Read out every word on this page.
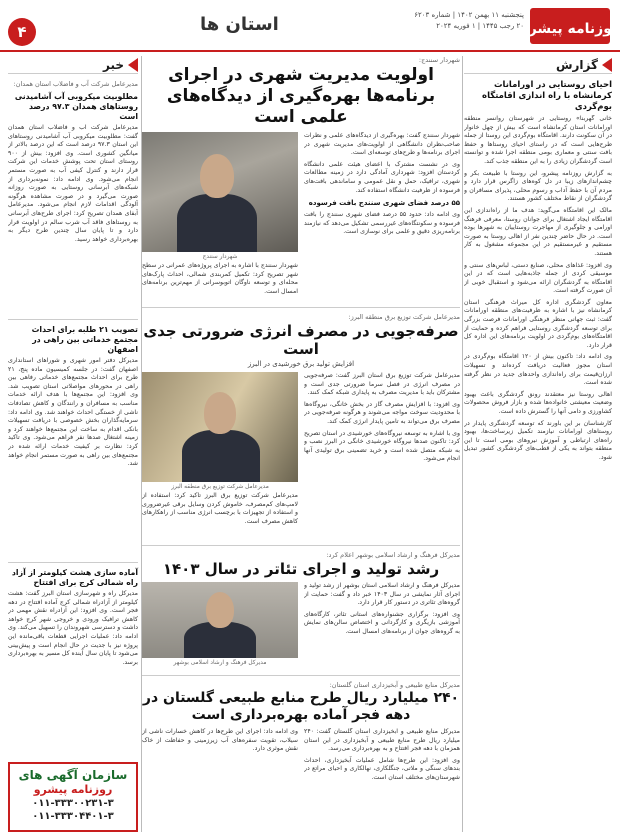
۴	استان ها	پنجشنبه ۱۱ بهمن ۱۴۰۲ | شماره ۶۲۰۳
۲۰ رجب ۱۴۴۵ | ۱ فوریه ۲۰۲۴	وزنامه پیشر
گزارش
احیای روستایی در اورامانات کرمانشاه با راه اندازی اقامتگاه بوم‌گردی

خانی گهربنا» روستایی در شهرستان روانسر منطقه اورامانات استان کرمانشاه است که بیش از چهل خانوار در آن سکونت دارند. اقامتگاه بوم‌گردی این روستا از جمله طرح‌هایی است که در راستای احیای روستاها و حفظ بافت سنتی و معماری بومی منطقه اجرا شده و توانسته است گردشگران زیادی را به این منطقه جذب کند.

به گزارش روزنامه پیشرو، این روستا با طبیعت بکر و چشم‌اندازهای زیبا در دل کوه‌های زاگرس قرار دارد و مردم آن با حفظ آداب و رسوم محلی، پذیرای مسافران و گردشگران از نقاط مختلف کشور هستند.

مالک این اقامتگاه می‌گوید: هدف ما از راه‌اندازی این اقامتگاه ایجاد اشتغال برای جوانان روستا، معرفی فرهنگ اورامی و جلوگیری از مهاجرت روستاییان به شهرها بوده است. در حال حاضر چندین نفر از اهالی روستا به صورت مستقیم و غیرمستقیم در این مجموعه مشغول به کار هستند.

وی افزود: غذاهای محلی، صنایع دستی، لباس‌های سنتی و موسیقی کردی از جمله جاذبه‌هایی است که در این اقامتگاه به گردشگران ارائه می‌شود و استقبال خوبی از آن صورت گرفته است.

معاون گردشگری اداره کل میراث فرهنگی استان کرمانشاه نیز با اشاره به ظرفیت‌های منطقه اورامانات گفت: ثبت جهانی منظر فرهنگی اورامانات فرصت بزرگی برای توسعه گردشگری روستایی فراهم کرده و حمایت از اقامتگاه‌های بوم‌گردی در اولویت برنامه‌های این اداره کل قرار دارد.

وی ادامه داد: تاکنون بیش از ۱۲۰ اقامتگاه بوم‌گردی در استان مجوز فعالیت دریافت کرده‌اند و تسهیلات ارزان‌قیمت برای راه‌اندازی واحدهای جدید در نظر گرفته شده است.

اهالی روستا نیز معتقدند رونق گردشگری باعث بهبود وضعیت معیشتی خانواده‌ها شده و بازار فروش محصولات کشاورزی و دامی آنها را گسترش داده است.

کارشناسان بر این باورند که توسعه گردشگری پایدار در روستاهای اورامانات نیازمند تکمیل زیرساخت‌ها، بهبود راه‌های ارتباطی و آموزش نیروهای بومی است تا این منطقه بتواند به یکی از قطب‌های گردشگری کشور تبدیل شود.

شهردار سنندج:
اولویت مدیریت شهری در اجرای برنامه‌ها بهره‌گیری از دیدگاه‌های علمی است

شهردار سنندج گفت: بهره‌گیری از دیدگاه‌های علمی و نظرات صاحب‌نظران دانشگاهی از اولویت‌های مدیریت شهری در اجرای برنامه‌ها و طرح‌های توسعه‌ای است.

وی در نشست مشترک با اعضای هیئت علمی دانشگاه کردستان افزود: شهرداری آمادگی دارد در زمینه مطالعات شهری، ترافیک، حمل و نقل عمومی و ساماندهی بافت‌های فرسوده از ظرفیت دانشگاه استفاده کند.

۵۵ درصد فضای شهری سنندج بافت فرسوده

وی ادامه داد: حدود ۵۵ درصد فضای شهری سنندج را بافت فرسوده و سکونتگاه‌های غیررسمی تشکیل می‌دهد که نیازمند برنامه‌ریزی دقیق و علمی برای نوسازی است.

شهردار سنندج

شهردار سنندج با اشاره به اجرای پروژه‌های عمرانی در سطح شهر تصریح کرد: تکمیل کمربندی شمالی، احداث پارک‌های محله‌ای و توسعه ناوگان اتوبوسرانی از مهم‌ترین برنامه‌های امسال است.

مدیرعامل شرکت توزیع برق منطقه البرز:
صرفه‌جویی در مصرف انرژی ضرورتی جدی است
افزایش تولید برق خورشیدی در البرز

مدیرعامل شرکت توزیع برق استان البرز گفت: صرفه‌جویی در مصرف انرژی در فصل سرما ضرورتی جدی است و مشترکان باید با مدیریت مصرف به پایداری شبکه کمک کنند.

وی افزود: با افزایش مصرف گاز در بخش خانگی، نیروگاه‌ها با محدودیت سوخت مواجه می‌شوند و هرگونه صرفه‌جویی در مصرف برق می‌تواند به تامین پایدار انرژی کمک کند.

وی با اشاره به توسعه نیروگاه‌های خورشیدی در استان تصریح کرد: تاکنون صدها نیروگاه خورشیدی خانگی در البرز نصب و به شبکه متصل شده است و خرید تضمینی برق تولیدی آنها انجام می‌شود.

مدیرعامل شرکت توزیع برق منطقه البرز

مدیرعامل شرکت توزیع برق البرز تاکید کرد: استفاده از لامپ‌های کم‌مصرف، خاموش کردن وسایل برقی غیرضروری و استفاده از تجهیزات با برچسب انرژی مناسب از راهکارهای کاهش مصرف است.

مدیرکل فرهنگ و ارشاد اسلامی بوشهر اعلام کرد:
رشد تولید و اجرای تئاتر در سال ۱۴۰۳

مدیرکل فرهنگ و ارشاد اسلامی استان بوشهر از رشد تولید و اجرای آثار نمایشی در سال ۱۴۰۳ خبر داد و گفت: حمایت از گروه‌های تئاتری در دستور کار قرار دارد.

وی افزود: برگزاری جشنواره‌های استانی تئاتر، کارگاه‌های آموزشی بازیگری و کارگردانی و اختصاص سالن‌های نمایش به گروه‌های جوان از برنامه‌های امسال است.

مدیرکل فرهنگ و ارشاد اسلامی بوشهر
مدیرکل منابع طبیعی و آبخیزداری استان گلستان:
۲۴۰ میلیارد ریال طرح منابع طبیعی گلستان در دهه فجر آماده بهره‌برداری است

مدیرکل منابع طبیعی و آبخیزداری استان گلستان گفت: ۲۴۰ میلیارد ریال طرح منابع طبیعی و آبخیزداری در این استان همزمان با دهه فجر افتتاح و به بهره‌برداری می‌رسد.

وی افزود: این طرح‌ها شامل عملیات آبخیزداری، احداث بندهای سنگی و ملاتی، جنگلکاری، نهالکاری و احیای مراتع در شهرستان‌های مختلف استان است.

وی ادامه داد: اجرای این طرح‌ها در کاهش خسارات ناشی از سیلاب، تقویت سفره‌های آب زیرزمینی و حفاظت از خاک نقش موثری دارد.

خبر
مدیرعامل شرکت آب و فاضلاب استان همدان:
مطلوبیت میکروبی آب آشامیدنی روستاهای همدان ۹۷.۳ درصد است
مدیرعامل شرکت آب و فاضلاب استان همدان گفت: مطلوبیت میکروبی آب آشامیدنی روستاهای این استان ۹۷.۳ درصد است که این درصد بالاتر از میانگین کشوری است. وی افزود: بیش از ۹۰۰ روستای استان تحت پوشش خدمات این شرکت قرار دارند و کنترل کیفی آب به صورت مستمر انجام می‌شود. وی ادامه داد: نمونه‌برداری از شبکه‌های آبرسانی روستایی به صورت روزانه صورت می‌گیرد و در صورت مشاهده هرگونه آلودگی اقدامات لازم انجام می‌شود. مدیرعامل آبفای همدان تصریح کرد: اجرای طرح‌های آبرسانی به روستاهای فاقد آب شرب سالم در اولویت قرار دارد و تا پایان سال چندین طرح دیگر به بهره‌برداری خواهد رسید.
تصویب ۲۱ طلبه برای احداث مجتمع خدماتی بین راهی در اصفهان
مدیرکل دفتر امور شهری و شوراهای استانداری اصفهان گفت: در جلسه کمیسیون ماده پنج، ۲۱ طرح برای احداث مجتمع‌های خدماتی رفاهی بین راهی در محورهای مواصلاتی استان تصویب شد. وی افزود: این مجتمع‌ها با هدف ارائه خدمات مناسب به مسافران و رانندگان و کاهش تصادفات ناشی از خستگی احداث خواهند شد. وی ادامه داد: سرمایه‌گذاران بخش خصوصی با دریافت تسهیلات بانکی اقدام به ساخت این مجتمع‌ها خواهند کرد و زمینه اشتغال صدها نفر فراهم می‌شود. وی تاکید کرد: نظارت بر کیفیت خدمات ارائه شده در مجتمع‌های بین راهی به صورت مستمر انجام خواهد شد.
آماده سازی هشت کیلومتر از آزاد راه شمالی کرج برای افتتاح
مدیرکل راه و شهرسازی استان البرز گفت: هشت کیلومتر از آزادراه شمالی کرج آماده افتتاح در دهه فجر است. وی افزود: این آزادراه نقش مهمی در کاهش ترافیک ورودی و خروجی شهر کرج خواهد داشت و دسترسی شهروندان را تسهیل می‌کند. وی ادامه داد: عملیات اجرایی قطعات باقی‌مانده این پروژه نیز با جدیت در حال انجام است و پیش‌بینی می‌شود تا پایان سال آینده کل مسیر به بهره‌برداری برسد.
سازمان آگهی های
روزنامه پیشرو
۰۱۱-۳۳۳۰۰۲۳۱-۳
۰۱۱-۳۳۳۰۴۴۰۱-۳
